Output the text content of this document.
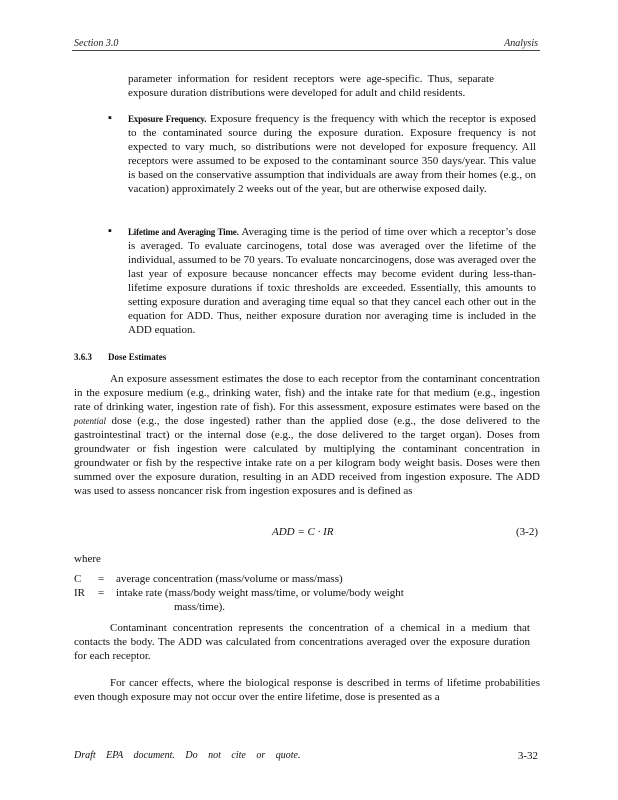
Section 3.0	Analysis
parameter information for resident receptors were age-specific. Thus, separate exposure duration distributions were developed for adult and child residents.
▪ Exposure Frequency. Exposure frequency is the frequency with which the receptor is exposed to the contaminated source during the exposure duration. Exposure frequency is not expected to vary much, so distributions were not developed for exposure frequency. All receptors were assumed to be exposed to the contaminant source 350 days/year. This value is based on the conservative assumption that individuals are away from their homes (e.g., on vacation) approximately 2 weeks out of the year, but are otherwise exposed daily.
▪ Lifetime and Averaging Time. Averaging time is the period of time over which a receptor’s dose is averaged. To evaluate carcinogens, total dose was averaged over the lifetime of the individual, assumed to be 70 years. To evaluate noncarcinogens, dose was averaged over the last year of exposure because noncancer effects may become evident during less-than-lifetime exposure durations if toxic thresholds are exceeded. Essentially, this amounts to setting exposure duration and averaging time equal so that they cancel each other out in the equation for ADD. Thus, neither exposure duration nor averaging time is included in the ADD equation.
3.6.3 Dose Estimates
An exposure assessment estimates the dose to each receptor from the contaminant concentration in the exposure medium (e.g., drinking water, fish) and the intake rate for that medium (e.g., ingestion rate of drinking water, ingestion rate of fish). For this assessment, exposure estimates were based on the potential dose (e.g., the dose ingested) rather than the applied dose (e.g., the dose delivered to the gastrointestinal tract) or the internal dose (e.g., the dose delivered to the target organ). Doses from groundwater or fish ingestion were calculated by multiplying the contaminant concentration in groundwater or fish by the respective intake rate on a per kilogram body weight basis. Doses were then summed over the exposure duration, resulting in an ADD received from ingestion exposure. The ADD was used to assess noncancer risk from ingestion exposures and is defined as
ADD = C · IR	(3-2)
where
C = average concentration (mass/volume or mass/mass)
IR = intake rate (mass/body weight mass/time, or volume/body weight
mass/time).
Contaminant concentration represents the concentration of a chemical in a medium that contacts the body. The ADD was calculated from concentrations averaged over the exposure duration for each receptor.
For cancer effects, where the biological response is described in terms of lifetime probabilities even though exposure may not occur over the entire lifetime, dose is presented as a
Draft EPA document. Do not cite or quote.	3-32
